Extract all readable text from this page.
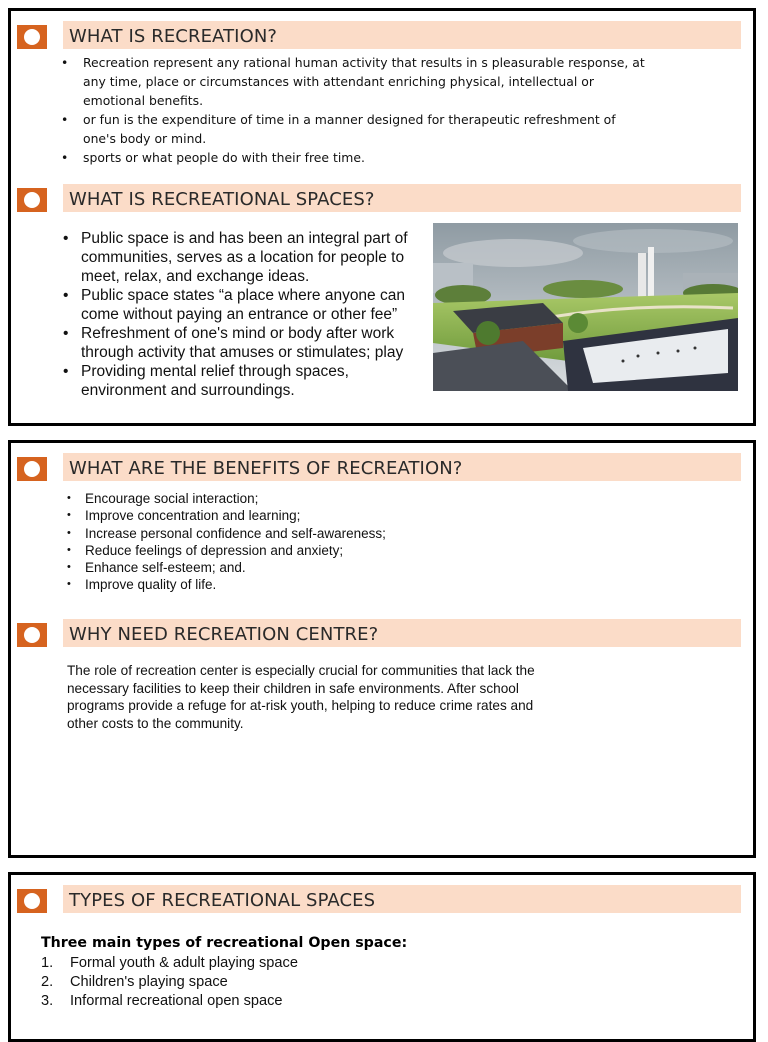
WHAT IS RECREATION?
• Recreation represent any rational human activity that results in s pleasurable response, at any time, place or circumstances with attendant enriching physical, intellectual or emotional benefits.
• or fun is the expenditure of time in a manner designed for therapeutic refreshment of one's body or mind.
• sports or what people do with their free time.
WHAT IS RECREATIONAL SPACES?
• Public space is and has been an integral part of communities, serves as a location for people to meet, relax, and exchange ideas.
• Public space states “a place where anyone can come without paying an entrance or other fee”
• Refreshment of one's mind or body after work through activity that amuses or stimulates; play
• Providing mental relief through spaces, environment and surroundings.
WHAT ARE THE BENEFITS OF RECREATION?
• Encourage social interaction;
• Improve concentration and learning;
• Increase personal confidence and self-awareness;
• Reduce feelings of depression and anxiety;
• Enhance self-esteem; and.
• Improve quality of life.
WHY NEED RECREATION CENTRE?
The role of recreation center is especially crucial for communities that lack the necessary facilities to keep their children in safe environments. After school programs provide a refuge for at-risk youth, helping to reduce crime rates and other costs to the community.
TYPES OF RECREATIONAL SPACES
Three main types of recreational Open space:
1. Formal youth & adult playing space
2. Children's playing space
3. Informal recreational open space
